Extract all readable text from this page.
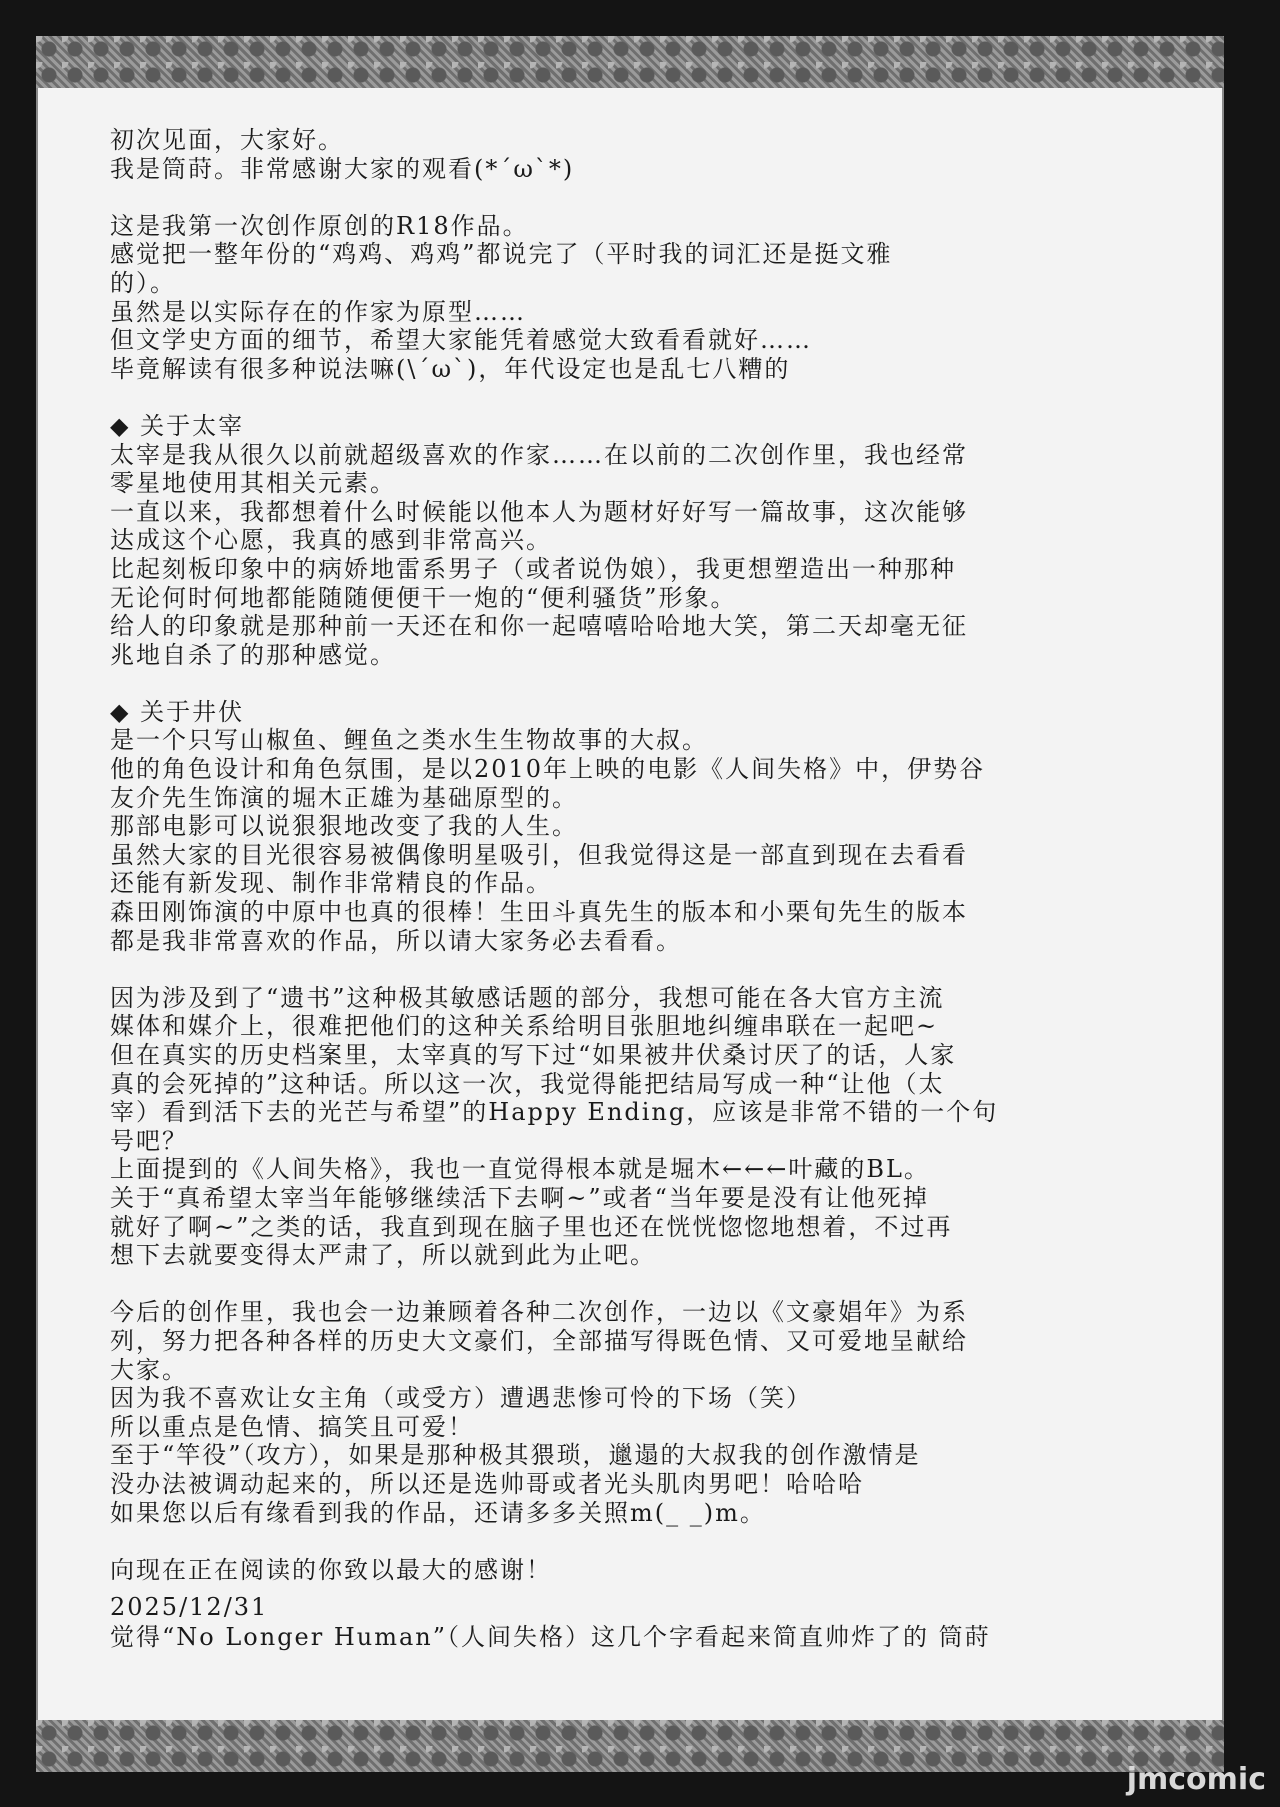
初次见面，大家好。

我是筒莳。非常感谢大家的观看(*´ω`*)

这是我第一次创作原创的R18作品。

感觉把一整年份的“鸡鸡、鸡鸡”都说完了（平时我的词汇还是挺文雅

的）。

虽然是以实际存在的作家为原型……

但文学史方面的细节，希望大家能凭着感觉大致看看就好……

毕竟解读有很多种说法嘛(\´ω`)，年代设定也是乱七八糟的

◆ 关于太宰

太宰是我从很久以前就超级喜欢的作家……在以前的二次创作里，我也经常

零星地使用其相关元素。

一直以来，我都想着什么时候能以他本人为题材好好写一篇故事，这次能够

达成这个心愿，我真的感到非常高兴。

比起刻板印象中的病娇地雷系男子（或者说伪娘），我更想塑造出一种那种

无论何时何地都能随随便便干一炮的“便利骚货”形象。

给人的印象就是那种前一天还在和你一起嘻嘻哈哈地大笑，第二天却毫无征

兆地自杀了的那种感觉。

◆ 关于井伏

是一个只写山椒鱼、鲤鱼之类水生生物故事的大叔。

他的角色设计和角色氛围，是以2010年上映的电影《人间失格》中，伊势谷

友介先生饰演的堀木正雄为基础原型的。

那部电影可以说狠狠地改变了我的人生。

虽然大家的目光很容易被偶像明星吸引，但我觉得这是一部直到现在去看看

还能有新发现、制作非常精良的作品。

森田刚饰演的中原中也真的很棒！生田斗真先生的版本和小栗旬先生的版本

都是我非常喜欢的作品，所以请大家务必去看看。

因为涉及到了“遗书”这种极其敏感话题的部分，我想可能在各大官方主流

媒体和媒介上，很难把他们的这种关系给明目张胆地纠缠串联在一起吧~

但在真实的历史档案里，太宰真的写下过“如果被井伏桑讨厌了的话，人家

真的会死掉的”这种话。所以这一次，我觉得能把结局写成一种“让他（太

宰）看到活下去的光芒与希望”的Happy Ending，应该是非常不错的一个句

号吧？

上面提到的《人间失格》，我也一直觉得根本就是堀木←←←叶藏的BL。

关于“真希望太宰当年能够继续活下去啊~”或者“当年要是没有让他死掉

就好了啊~”之类的话，我直到现在脑子里也还在恍恍惚惚地想着，不过再

想下去就要变得太严肃了，所以就到此为止吧。

今后的创作里，我也会一边兼顾着各种二次创作，一边以《文豪娼年》为系

列，努力把各种各样的历史大文豪们，全部描写得既色情、又可爱地呈献给

大家。

因为我不喜欢让女主角（或受方）遭遇悲惨可怜的下场（笑）

所以重点是色情、搞笑且可爱！

至于“竿役”（攻方），如果是那种极其猥琐，邋遢的大叔我的创作激情是

没办法被调动起来的，所以还是选帅哥或者光头肌肉男吧！哈哈哈

如果您以后有缘看到我的作品，还请多多关照m(_ _)m。

向现在正在阅读的你致以最大的感谢！

2025/12/31

觉得“No Longer Human”（人间失格）这几个字看起来简直帅炸了的 筒莳

jmcomic
